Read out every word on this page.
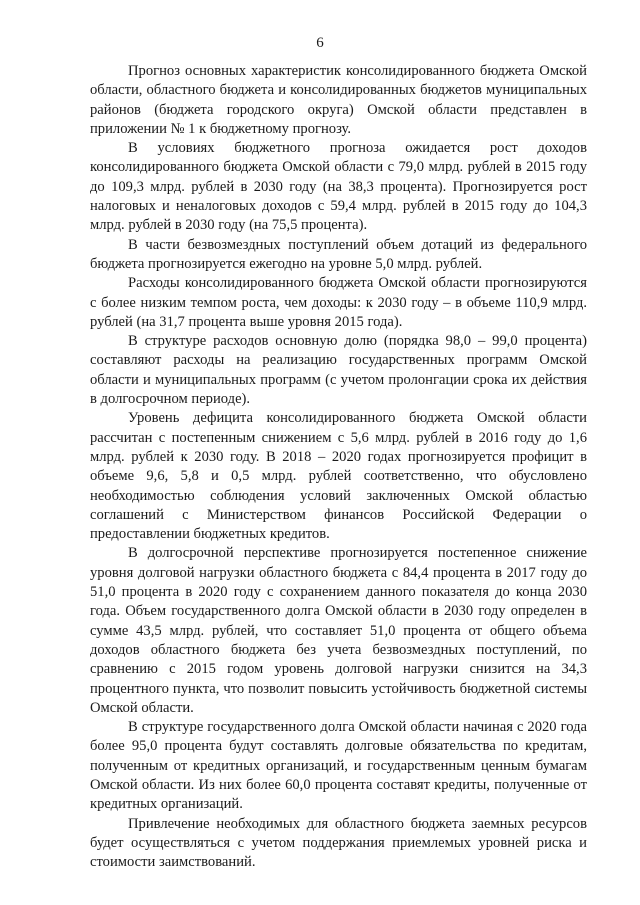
6

Прогноз основных характеристик консолидированного бюджета Омской области, областного бюджета и консолидированных бюджетов муниципальных районов (бюджета городского округа) Омской области представлен в приложении № 1 к бюджетному прогнозу.

В условиях бюджетного прогноза ожидается рост доходов консолидированного бюджета Омской области с 79,0 млрд. рублей в 2015 году до 109,3 млрд. рублей в 2030 году (на 38,3 процента). Прогнозируется рост налоговых и неналоговых доходов с 59,4 млрд. рублей в 2015 году до 104,3 млрд. рублей в 2030 году (на 75,5 процента).

В части безвозмездных поступлений объем дотаций из федерального бюджета прогнозируется ежегодно на уровне 5,0 млрд. рублей.

Расходы консолидированного бюджета Омской области прогнозируются с более низким темпом роста, чем доходы: к 2030 году – в объеме 110,9 млрд. рублей (на 31,7 процента выше уровня 2015 года).

В структуре расходов основную долю (порядка 98,0 – 99,0 процента) составляют расходы на реализацию государственных программ Омской области и муниципальных программ (с учетом пролонгации срока их действия в долгосрочном периоде).

Уровень дефицита консолидированного бюджета Омской области рассчитан с постепенным снижением с 5,6 млрд. рублей в 2016 году до 1,6 млрд. рублей к 2030 году. В 2018 – 2020 годах прогнозируется профицит в объеме 9,6, 5,8 и 0,5 млрд. рублей соответственно, что обусловлено необходимостью соблюдения условий заключенных Омской областью соглашений с Министерством финансов Российской Федерации о предоставлении бюджетных кредитов.

В долгосрочной перспективе прогнозируется постепенное снижение уровня долговой нагрузки областного бюджета с 84,4 процента в 2017 году до 51,0 процента в 2020 году с сохранением данного показателя до конца 2030 года. Объем государственного долга Омской области в 2030 году определен в сумме 43,5 млрд. рублей, что составляет 51,0 процента от общего объема доходов областного бюджета без учета безвозмездных поступлений, по сравнению с 2015 годом уровень долговой нагрузки снизится на 34,3 процентного пункта, что позволит повысить устойчивость бюджетной системы Омской области.

В структуре государственного долга Омской области начиная с 2020 года более 95,0 процента будут составлять долговые обязательства по кредитам, полученным от кредитных организаций, и государственным ценным бумагам Омской области. Из них более 60,0 процента составят кредиты, полученные от кредитных организаций.

Привлечение необходимых для областного бюджета заемных ресурсов будет осуществляться с учетом поддержания приемлемых уровней риска и стоимости заимствований.
